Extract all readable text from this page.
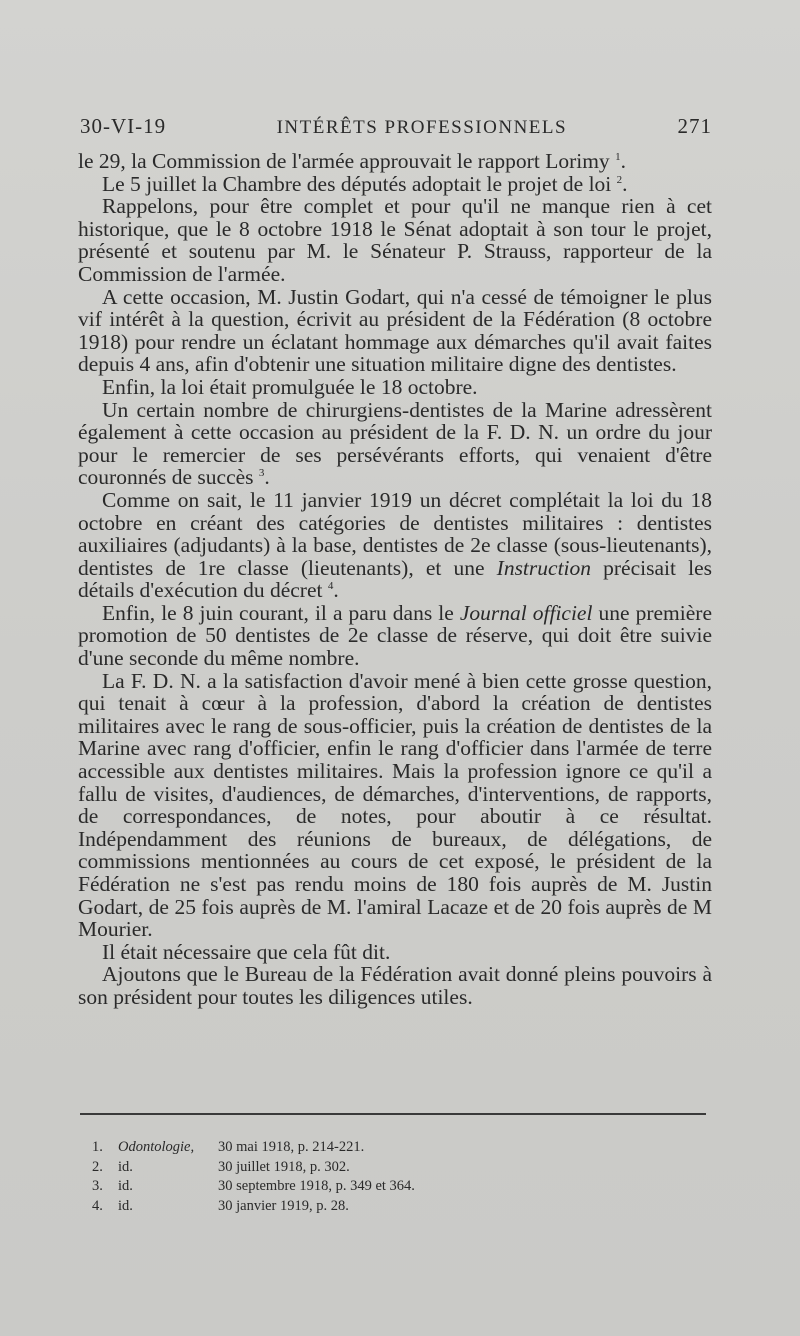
30-VI-19	INTÉRÊTS PROFESSIONNELS	271

le 29, la Commission de l'armée approuvait le rapport Lorimy $^1$.

Le 5 juillet la Chambre des députés adoptait le projet de loi $^2$.

Rappelons, pour être complet et pour qu'il ne manque rien à cet historique, que le 8 octobre 1918 le Sénat adoptait à son tour le projet, présenté et soutenu par M. le Sénateur P. Strauss, rapporteur de la Commission de l'armée.

A cette occasion, M. Justin Godart, qui n'a cessé de témoigner le plus vif intérêt à la question, écrivit au président de la Fédération (8 octobre 1918) pour rendre un éclatant hommage aux démarches qu'il avait faites depuis 4 ans, afin d'obtenir une situation militaire digne des dentistes.

Enfin, la loi était promulguée le 18 octobre.

Un certain nombre de chirurgiens-dentistes de la Marine adressèrent également à cette occasion au président de la F. D. N. un ordre du jour pour le remercier de ses persévérants efforts, qui venaient d'être couronnés de succès $^3$.

Comme on sait, le 11 janvier 1919 un décret complétait la loi du 18 octobre en créant des catégories de dentistes militaires : dentistes auxiliaires (adjudants) à la base, dentistes de 2e classe (sous-lieutenants), dentistes de 1re classe (lieutenants), et une Instruction précisait les détails d'exécution du décret $^4$.

Enfin, le 8 juin courant, il a paru dans le Journal officiel une première promotion de 50 dentistes de 2e classe de réserve, qui doit être suivie d'une seconde du même nombre.

La F. D. N. a la satisfaction d'avoir mené à bien cette grosse question, qui tenait à cœur à la profession, d'abord la création de dentistes militaires avec le rang de sous-officier, puis la création de dentistes de la Marine avec rang d'officier, enfin le rang d'officier dans l'armée de terre accessible aux dentistes militaires. Mais la profession ignore ce qu'il a fallu de visites, d'audiences, de démarches, d'interventions, de rapports, de correspondances, de notes, pour aboutir à ce résultat. Indépendamment des réunions de bureaux, de délégations, de commissions mentionnées au cours de cet exposé, le président de la Fédération ne s'est pas rendu moins de 180 fois auprès de M. Justin Godart, de 25 fois auprès de M. l'amiral Lacaze et de 20 fois auprès de M Mourier.

Il était nécessaire que cela fût dit.

Ajoutons que le Bureau de la Fédération avait donné pleins pouvoirs à son président pour toutes les diligences utiles.

1.	Odontologie,	30 mai 1918, p. 214-221.
2.	id.	30 juillet 1918, p. 302.
3.	id.	30 septembre 1918, p. 349 et 364.
4.	id.	30 janvier 1919, p. 28.
